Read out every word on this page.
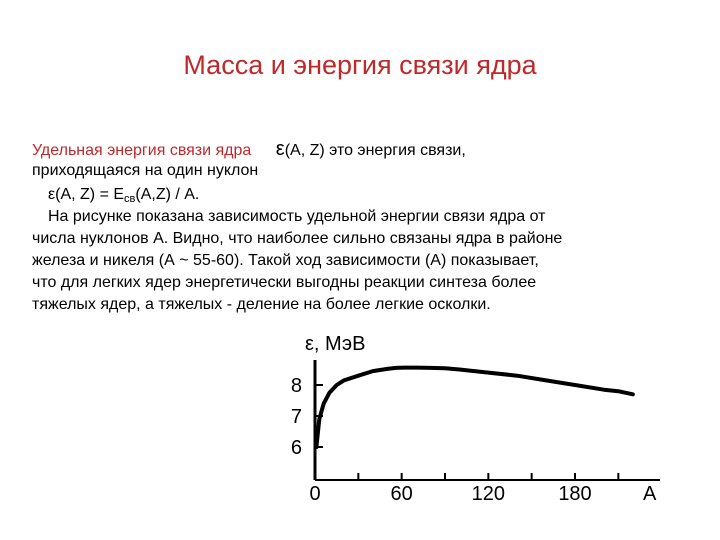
Масса и энергия связи ядра
Удельная энергия связи ядра ε(A, Z) это энергия связи,
приходящаяся на один нуклон
ε(A, $Z) = E_{св}(A,Z) / A$.
На рисунке показана зависимость удельной энергии связи ядра от
числа нуклонов А. Видно, что наиболее сильно связаны ядра в районе
железа и никеля (А ~ 55-60). Такой ход зависимости (А) показывает,
что для легких ядер энергетически выгодны реакции синтеза более
тяжелых ядер, а тяжелых - деление на более легкие осколки.
ε, МэВ
А
0	60	120	180
6
7
8
